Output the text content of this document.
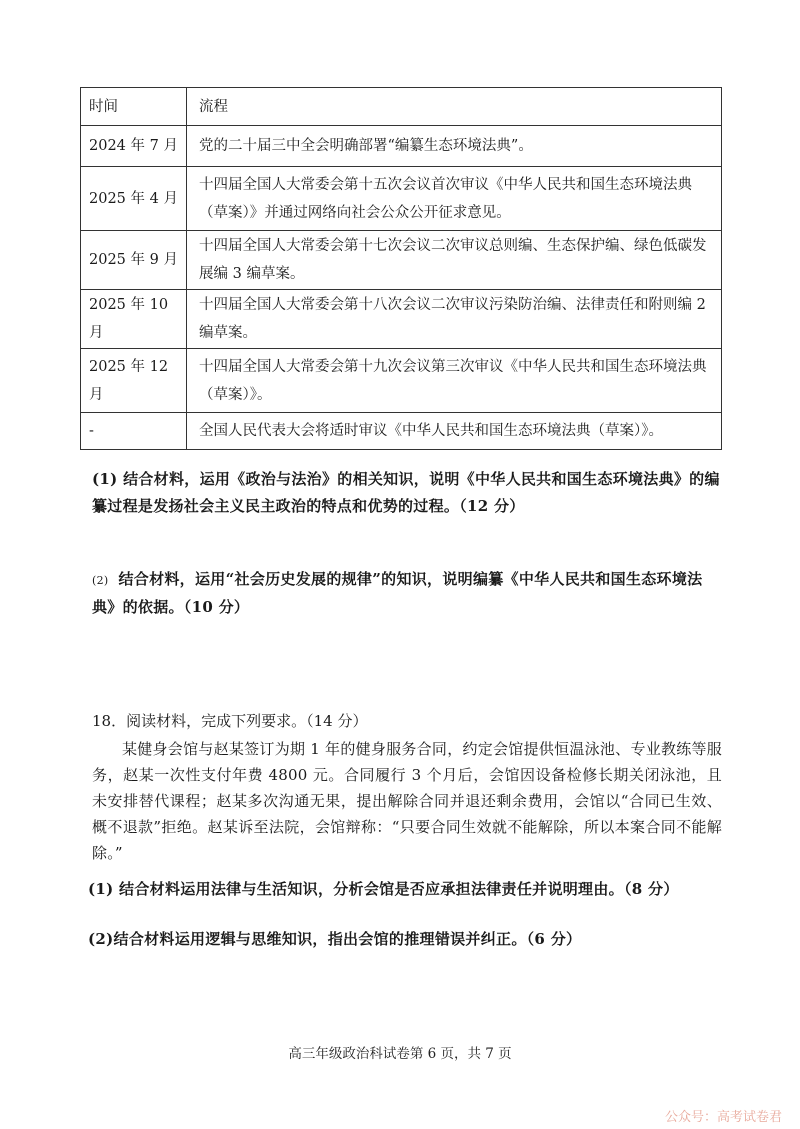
时间	流程
2024 年 7 月	党的二十届三中全会明确部署“编纂生态环境法典”。
2025 年 4 月	十四届全国人大常委会第十五次会议首次审议《中华人民共和国生态环境法典（草案）》并通过网络向社会公众公开征求意见。
2025 年 9 月	十四届全国人大常委会第十七次会议二次审议总则编、生态保护编、绿色低碳发展编 3 编草案。
2025 年 10 月	十四届全国人大常委会第十八次会议二次审议污染防治编、法律责任和附则编 2 编草案。
2025 年 12 月	十四届全国人大常委会第十九次会议第三次审议《中华人民共和国生态环境法典（草案）》。
-	全国人民代表大会将适时审议《中华人民共和国生态环境法典（草案）》。
(1) 结合材料，运用《政治与法治》的相关知识，说明《中华人民共和国生态环境法典》的编纂过程是发扬社会主义民主政治的特点和优势的过程。（12 分）
(2) 结合材料，运用“社会历史发展的规律”的知识，说明编纂《中华人民共和国生态环境法典》的依据。（10 分）
18．阅读材料，完成下列要求。（14 分）
某健身会馆与赵某签订为期 1 年的健身服务合同，约定会馆提供恒温泳池、专业教练等服务，赵某一次性支付年费 4800 元。合同履行 3 个月后，会馆因设备检修长期关闭泳池，且未安排替代课程；赵某多次沟通无果，提出解除合同并退还剩余费用，会馆以“合同已生效、概不退款”拒绝。赵某诉至法院，会馆辩称：“只要合同生效就不能解除，所以本案合同不能解除。”
(1) 结合材料运用法律与生活知识，分析会馆是否应承担法律责任并说明理由。（8 分）
(2)结合材料运用逻辑与思维知识，指出会馆的推理错误并纠正。（6 分）
高三年级政治科试卷第 6 页，共 7 页
公众号：高考试卷君
